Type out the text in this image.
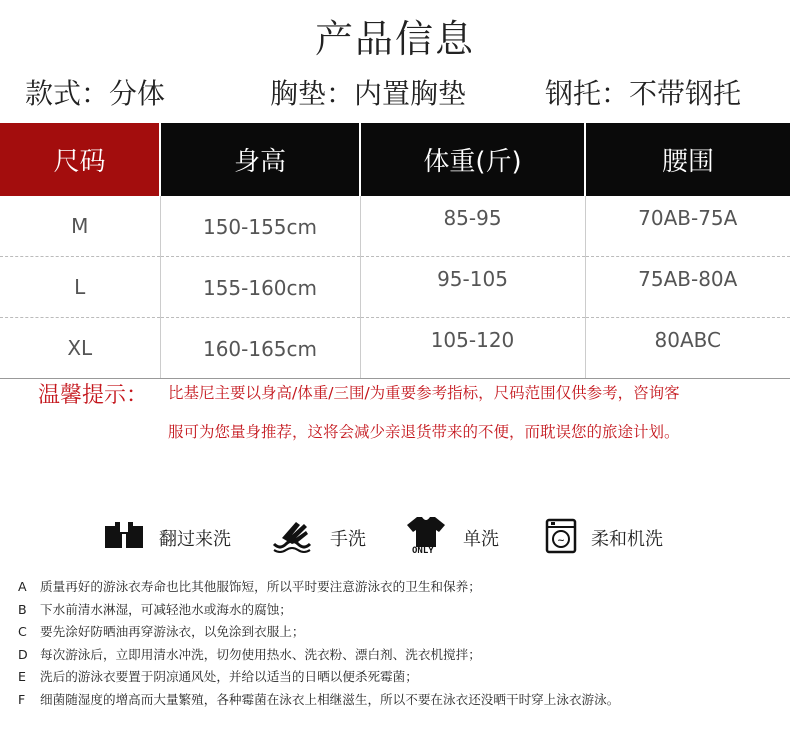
产品信息
款式：分体	胸垫：内置胸垫	钢托：不带钢托
尺码	身高	体重(斤)	腰围
M	150-155cm	85-95	70AB-75A
L	155-160cm	95-105	75AB-80A
XL	160-165cm	105-120	80ABC
温馨提示： 比基尼主要以身高/体重/三围/为重要参考指标，尺码范围仅供参考，咨询客
服可为您量身推荐，这将会减少亲退货带来的不便，而耽误您的旅途计划。
翻过来洗	手洗
ONLY
单洗	~ 柔和机洗
A 质量再好的游泳衣寿命也比其他服饰短，所以平时要注意游泳衣的卫生和保养；
B 下水前清水淋湿，可减轻池水或海水的腐蚀；
C 要先涂好防晒油再穿游泳衣，以免涂到衣服上；
D 每次游泳后，立即用清水冲洗，切勿使用热水、洗衣粉、漂白剂、洗衣机搅拌；
E 洗后的游泳衣要置于阴凉通风处，并给以适当的日晒以便杀死霉菌；
F 细菌随湿度的增高而大量繁殖，各种霉菌在泳衣上相继滋生，所以不要在泳衣还没晒干时穿上泳衣游泳。
